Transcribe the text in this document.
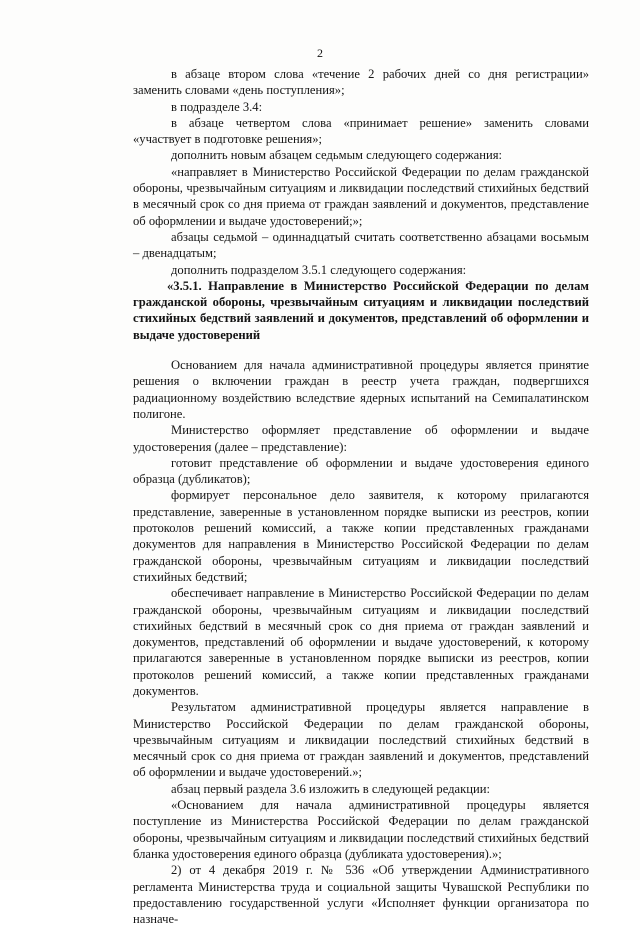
2

в абзаце втором слова «течение 2 рабочих дней со дня регистрации» заменить словами «день поступления»;

в подразделе 3.4:

в абзаце четвертом слова «принимает решение» заменить словами «участвует в подготовке решения»;

дополнить новым абзацем седьмым следующего содержания:

«направляет в Министерство Российской Федерации по делам гражданской обороны, чрезвычайным ситуациям и ликвидации последствий стихийных бедствий в месячный срок со дня приема от граждан заявлений и документов, представление об оформлении и выдаче удостоверений;»;

абзацы седьмой – одиннадцатый считать соответственно абзацами восьмым – двенадцатым;

дополнить подразделом 3.5.1 следующего содержания:

«3.5.1. Направление в Министерство Российской Федерации по делам гражданской обороны, чрезвычайным ситуациям и ликвидации последствий стихийных бедствий заявлений и документов, представлений об оформлении и выдаче удостоверений

Основанием для начала административной процедуры является принятие решения о включении граждан в реестр учета граждан, подвергшихся радиационному воздействию вследствие ядерных испытаний на Семипалатинском полигоне.

Министерство оформляет представление об оформлении и выдаче удостоверения (далее – представление):

готовит представление об оформлении и выдаче удостоверения единого образца (дубликатов);

формирует персональное дело заявителя, к которому прилагаются представление, заверенные в установленном порядке выписки из реестров, копии протоколов решений комиссий, а также копии представленных гражданами документов для направления в Министерство Российской Федерации по делам гражданской обороны, чрезвычайным ситуациям и ликвидации последствий стихийных бедствий;

обеспечивает направление в Министерство Российской Федерации по делам гражданской обороны, чрезвычайным ситуациям и ликвидации последствий стихийных бедствий в месячный срок со дня приема от граждан заявлений и документов, представлений об оформлении и выдаче удостоверений, к которому прилагаются заверенные в установленном порядке выписки из реестров, копии протоколов решений комиссий, а также копии представленных гражданами документов.

Результатом административной процедуры является направление в Министерство Российской Федерации по делам гражданской обороны, чрезвычайным ситуациям и ликвидации последствий стихийных бедствий в месячный срок со дня приема от граждан заявлений и документов, представлений об оформлении и выдаче удостоверений.»;

абзац первый раздела 3.6 изложить в следующей редакции:

«Основанием для начала административной процедуры является поступление из Министерства Российской Федерации по делам гражданской обороны, чрезвычайным ситуациям и ликвидации последствий стихийных бедствий бланка удостоверения единого образца (дубликата удостоверения).»;

2) от 4 декабря 2019 г. № 536 «Об утверждении Административного регламента Министерства труда и социальной защиты Чувашской Республики по предоставлению государственной услуги «Исполняет функции организатора по назначе-
